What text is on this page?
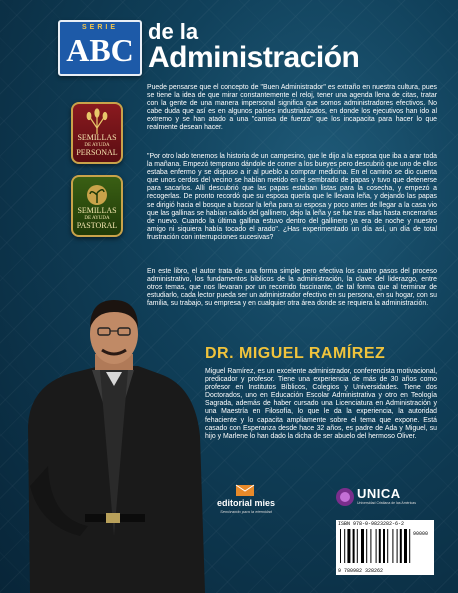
SERIE
ABC
de la
Administración
SEMILLAS
DE AYUDA
PERSONAL
SEMILLAS
DE AYUDA
PASTORAL
Puede pensarse que el concepto de "Buen Administrador" es extraño en nuestra cultura, pues se tiene la idea de que mirar constantemente el reloj, tener una agenda llena de citas, tratar con la gente de una manera impersonal significa que somos administradores efectivos. No cabe duda que así es en algunos países industrializados, en donde los ejecutivos han ido al extremo y se han atado a una "camisa de fuerza" que los incapacita para hacer lo que realmente desean hacer.
"Por otro lado tenemos la historia de un campesino, que le dijo a la esposa que iba a arar toda la mañana. Empezó temprano dándole de comer a los bueyes pero descubrió que uno de ellos estaba enfermo y se dispuso a ir al pueblo a comprar medicina. En el camino se dio cuenta que unos cerdos del vecino se habían metido en el sembrado de papas y tuvo que detenerse para sacarlos. Allí descubrió que las papas estaban listas para la cosecha, y empezó a recogerlas. De pronto recordó que su esposa quería que le llevara leña, y dejando las papas se dirigió hacia el bosque a buscar la leña para su esposa y poco antes de llegar a la casa vio que las gallinas se habían salido del gallinero, dejo la leña y se fue tras ellas hasta encerrarlas de nuevo. Cuando la última gallina estuvo dentro del gallinero ya era de noche y nuestro amigo ni siquiera había tocado el arado". ¿Has experimentado un día así, un día de total frustración con interrupciones sucesivas?
En este libro, el autor trata de una forma simple pero efectiva los cuatro pasos del proceso administrativo, los fundamentos bíblicos de la administración, la clave del liderazgo, entre otros temas, que nos llevaran por un recorrido fascinante, de tal forma que al terminar de estudiarlo, cada lector pueda ser un administrador efectivo en su persona, en su hogar, con su familia, su trabajo, su empresa y en cualquier otra área donde se requiera la administración.
DR. MIGUEL RAMÍREZ
Miguel Ramírez, es un excelente administrador, conferencista motivacional, predicador y profesor. Tiene una experiencia de más de 30 años como profesor en Institutos Bíblicos, Colegios y Universidades. Tiene dos Doctorados, uno en Educación Escolar Administrativa y otro en Teología Sagrada, además de haber cursado una Licenciatura en Administración y una Maestría en Filosofía, lo que le da la experiencia, la autoridad fehaciente y lo capacita ampliamente sobre el tema que expone. Está casado con Esperanza desde hace 32 años, es padre de Ada y Miguel, su hijo y Marlene lo han dado la dicha de ser abuelo del hermoso Oliver.
editorial mies
Sembrando para la eternidad
UNICA
Universidad Cristiana de las Américas
ISBN 978-0-9823282-6-2
90000
9 780982 328262
